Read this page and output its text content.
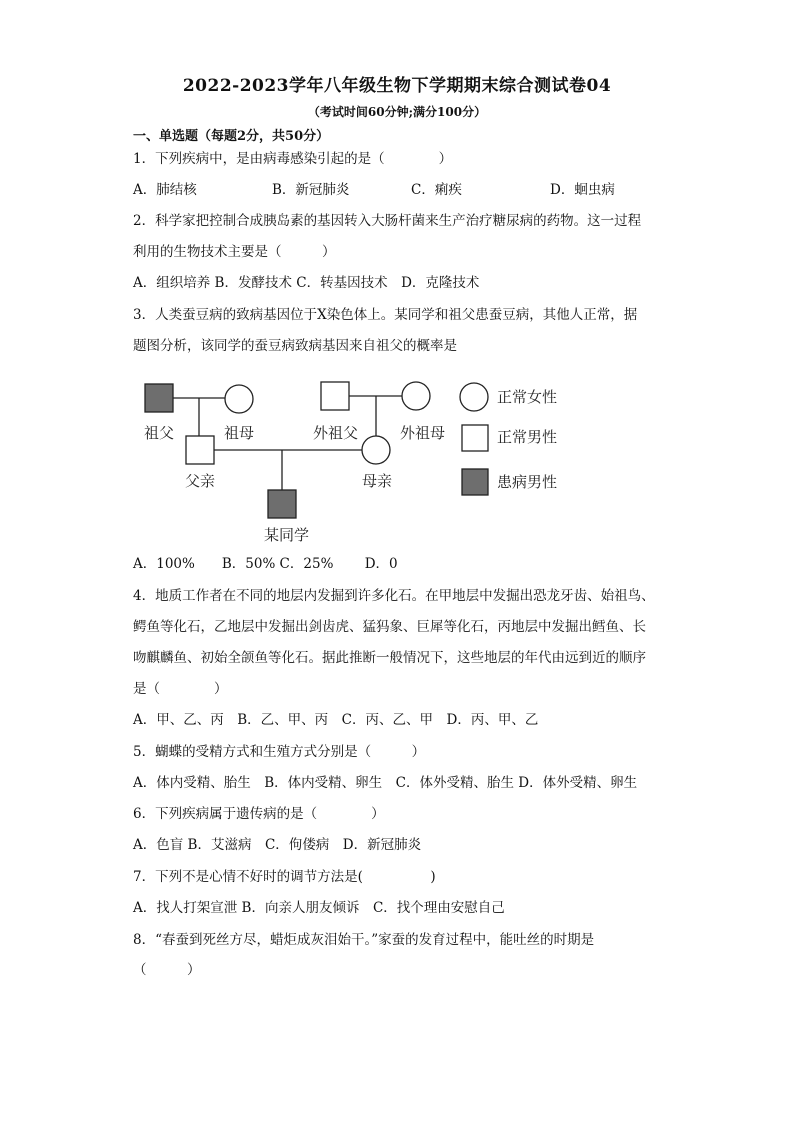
2022-2023学年八年级生物下学期期末综合测试卷04
（考试时间60分钟;满分100分）
一、单选题（每题2分，共50分）
1．下列疾病中，是由病毒感染引起的是（　　　　）
A．肺结核	B．新冠肺炎	C．痢疾	D．蛔虫病
2．科学家把控制合成胰岛素的基因转入大肠杆菌来生产治疗糖尿病的药物。这一过程
利用的生物技术主要是（　　　）
A．组织培养 B．发酵技术 C．转基因技术　D．克隆技术
3．人类蚕豆病的致病基因位于X染色体上。某同学和祖父患蚕豆病，其他人正常，据
题图分析，该同学的蚕豆病致病基因来自祖父的概率是
祖父	祖母	外祖父	外祖母
父亲	母亲
某同学
正常女性
正常男性
患病男性
A．100%　　B．50% C．25%　　 D．0
4．地质工作者在不同的地层内发掘到许多化石。在甲地层中发掘出恐龙牙齿、始祖鸟、
鳄鱼等化石，乙地层中发掘出剑齿虎、猛犸象、巨犀等化石，丙地层中发掘出鳕鱼、长
吻麒麟鱼、初始全颌鱼等化石。据此推断一般情况下，这些地层的年代由远到近的顺序
是（　　　　）
A．甲、乙、丙　B．乙、甲、丙　C．丙、乙、甲　D．丙、甲、乙
5．蝴蝶的受精方式和生殖方式分别是（　　　）
A．体内受精、胎生　B．体内受精、卵生　C．体外受精、胎生 D．体外受精、卵生
6．下列疾病属于遗传病的是（　　　　）
A．色盲 B．艾滋病　C．佝偻病　D．新冠肺炎
7．下列不是心情不好时的调节方法是(　　　　　)
A．找人打架宣泄 B．向亲人朋友倾诉　C．找个理由安慰自己
8．“春蚕到死丝方尽，蜡炬成灰泪始干。”家蚕的发育过程中，能吐丝的时期是
（　　　）
